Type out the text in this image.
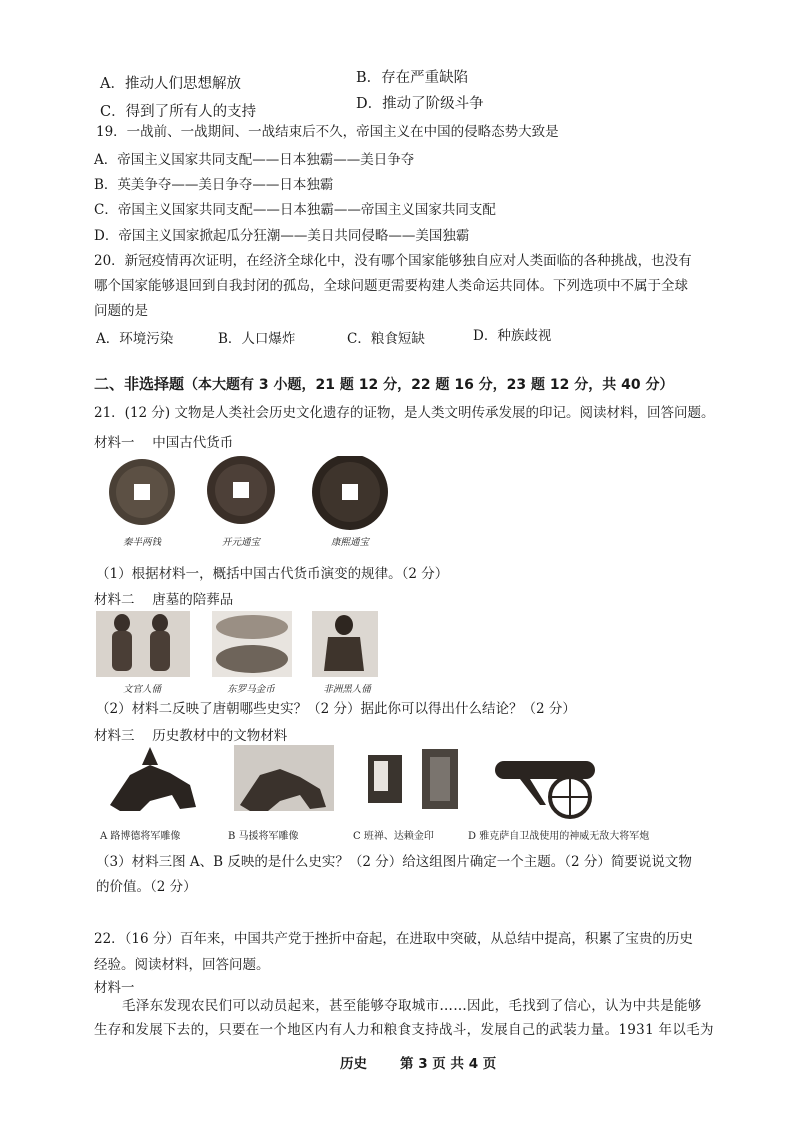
A．推动人们思想解放	B．存在严重缺陷
C．得到了所有人的支持	D．推动了阶级斗争
19．一战前、一战期间、一战结束后不久，帝国主义在中国的侵略态势大致是
A．帝国主义国家共同支配——日本独霸——美日争夺
B．英美争夺——美日争夺——日本独霸
C．帝国主义国家共同支配——日本独霸——帝国主义国家共同支配
D．帝国主义国家掀起瓜分狂潮——美日共同侵略——美国独霸
20．新冠疫情再次证明，在经济全球化中，没有哪个国家能够独自应对人类面临的各种挑战，也没有
哪个国家能够退回到自我封闭的孤岛，全球问题更需要构建人类命运共同体。下列选项中不属于全球
问题的是
A．环境污染	B．人口爆炸	C．粮食短缺	D．种族歧视
二、非选择题（本大题有 3 小题，21 题 12 分，22 题 16 分，23 题 12 分，共 40 分）
21．(12 分) 文物是人类社会历史文化遗存的证物，是人类文明传承发展的印记。阅读材料，回答问题。
材料一　 中国古代货币
秦半两钱	开元通宝	康熙通宝
（1）根据材料一，概括中国古代货币演变的规律。（2 分）
材料二　 唐墓的陪葬品
文官人俑	东罗马金币	非洲黑人俑
（2）材料二反映了唐朝哪些史实？（2 分）据此你可以得出什么结论？（2 分）
材料三　 历史教材中的文物材料
A 路博德将军雕像	B 马援将军雕像	C 班禅、达赖金印	D 雅克萨自卫战使用的神威无敌大将军炮
（3）材料三图 A、B 反映的是什么史实？（2 分）给这组图片确定一个主题。（2 分）简要说说文物
的价值。（2 分）
22．（16 分）百年来，中国共产党于挫折中奋起，在进取中突破，从总结中提高，积累了宝贵的历史
经验。阅读材料，回答问题。
材料一
毛泽东发现农民们可以动员起来，甚至能够夺取城市……因此，毛找到了信心，认为中共是能够
生存和发展下去的，只要在一个地区内有人力和粮食支持战斗，发展自己的武装力量。1931 年以毛为
历史 第 3 页 共 4 页
